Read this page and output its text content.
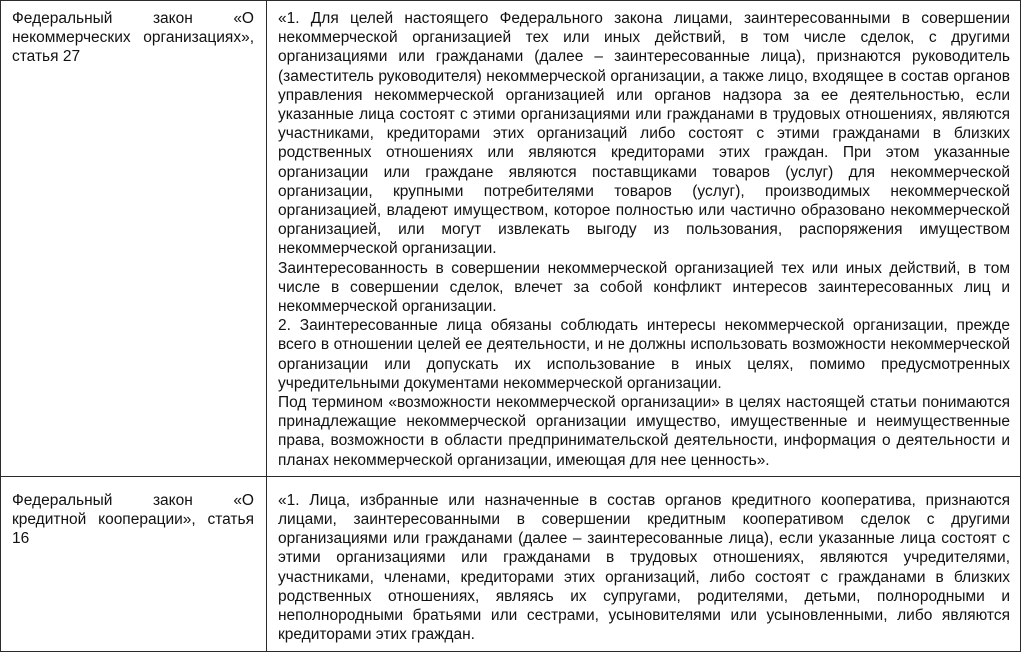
Федеральный закон «О некоммерческих организациях», статья 27	«1. Для целей настоящего Федерального закона лицами, заинтересованными в совершении некоммерческой организацией тех или иных действий, в том числе сделок, с другими организациями или гражданами (далее – заинтересованные лица), признаются руководитель (заместитель руководителя) некоммерческой организации, а также лицо, входящее в состав органов управления некоммерческой организацией или органов надзора за ее деятельностью, если указанные лица состоят с этими организациями или гражданами в трудовых отношениях, являются участниками, кредиторами этих организаций либо состоят с этими гражданами в близких родственных отношениях или являются кредиторами этих граждан. При этом указанные организации или граждане являются поставщиками товаров (услуг) для некоммерческой организации, крупными потребителями товаров (услуг), производимых некоммерческой организацией, владеют имуществом, которое полностью или частично образовано некоммерческой организацией, или могут извлекать выгоду из пользования, распоряжения имуществом некоммерческой организации.

Заинтересованность в совершении некоммерческой организацией тех или иных действий, в том числе в совершении сделок, влечет за собой конфликт интересов заинтересованных лиц и некоммерческой организации.

2. Заинтересованные лица обязаны соблюдать интересы некоммерческой организации, прежде всего в отношении целей ее деятельности, и не должны использовать возможности некоммерческой организации или допускать их использование в иных целях, помимо предусмотренных учредительными документами некоммерческой организации.

Под термином «возможности некоммерческой организации» в целях настоящей статьи понимаются принадлежащие некоммерческой организации имущество, имущественные и неимущественные права, возможности в области предпринимательской деятельности, информация о деятельности и планах некоммерческой организации, имеющая для нее ценность».

Федеральный закон «О кредитной кооперации», статья 16	«1. Лица, избранные или назначенные в состав органов кредитного кооператива, признаются лицами, заинтересованными в совершении кредитным кооперативом сделок с другими организациями или гражданами (далее – заинтересованные лица), если указанные лица состоят с этими организациями или гражданами в трудовых отношениях, являются учредителями, участниками, членами, кредиторами этих организаций, либо состоят с гражданами в близких родственных отношениях, являясь их супругами, родителями, детьми, полнородными и неполнородными братьями или сестрами, усыновителями или усыновленными, либо являются кредиторами этих граждан.
